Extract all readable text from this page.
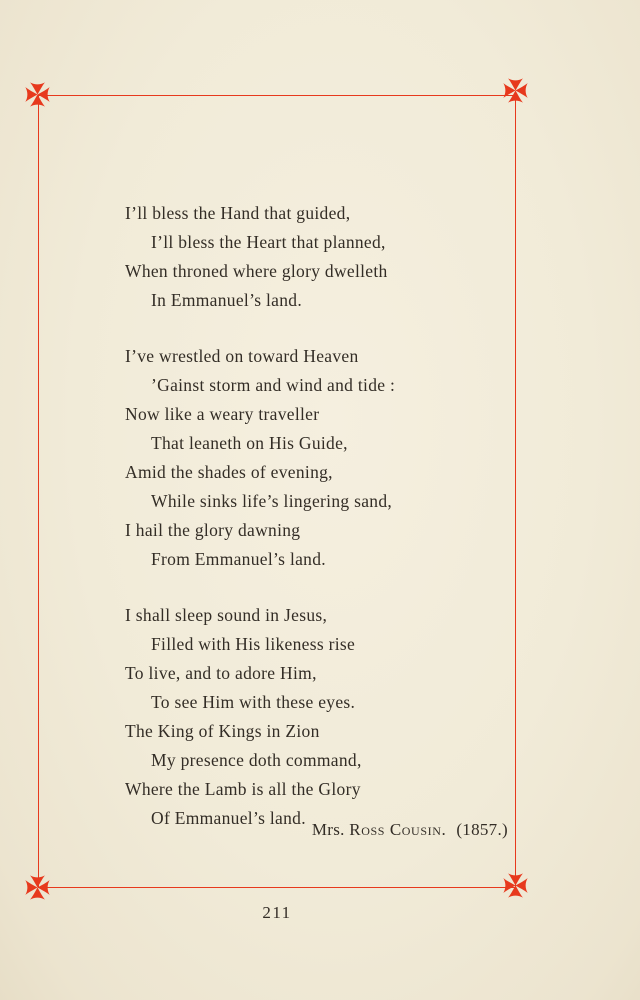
I’ll bless the Hand that guided,
I’ll bless the Heart that planned,
When throned where glory dwelleth
In Emmanuel’s land.
I’ve wrestled on toward Heaven
’Gainst storm and wind and tide :
Now like a weary traveller
That leaneth on His Guide,
Amid the shades of evening,
While sinks life’s lingering sand,
I hail the glory dawning
From Emmanuel’s land.
I shall sleep sound in Jesus,
Filled with His likeness rise
To live, and to adore Him,
To see Him with these eyes.
The King of Kings in Zion
My presence doth command,
Where the Lamb is all the Glory
Of Emmanuel’s land.
Mrs. Ross Cousin. (1857.)
211
